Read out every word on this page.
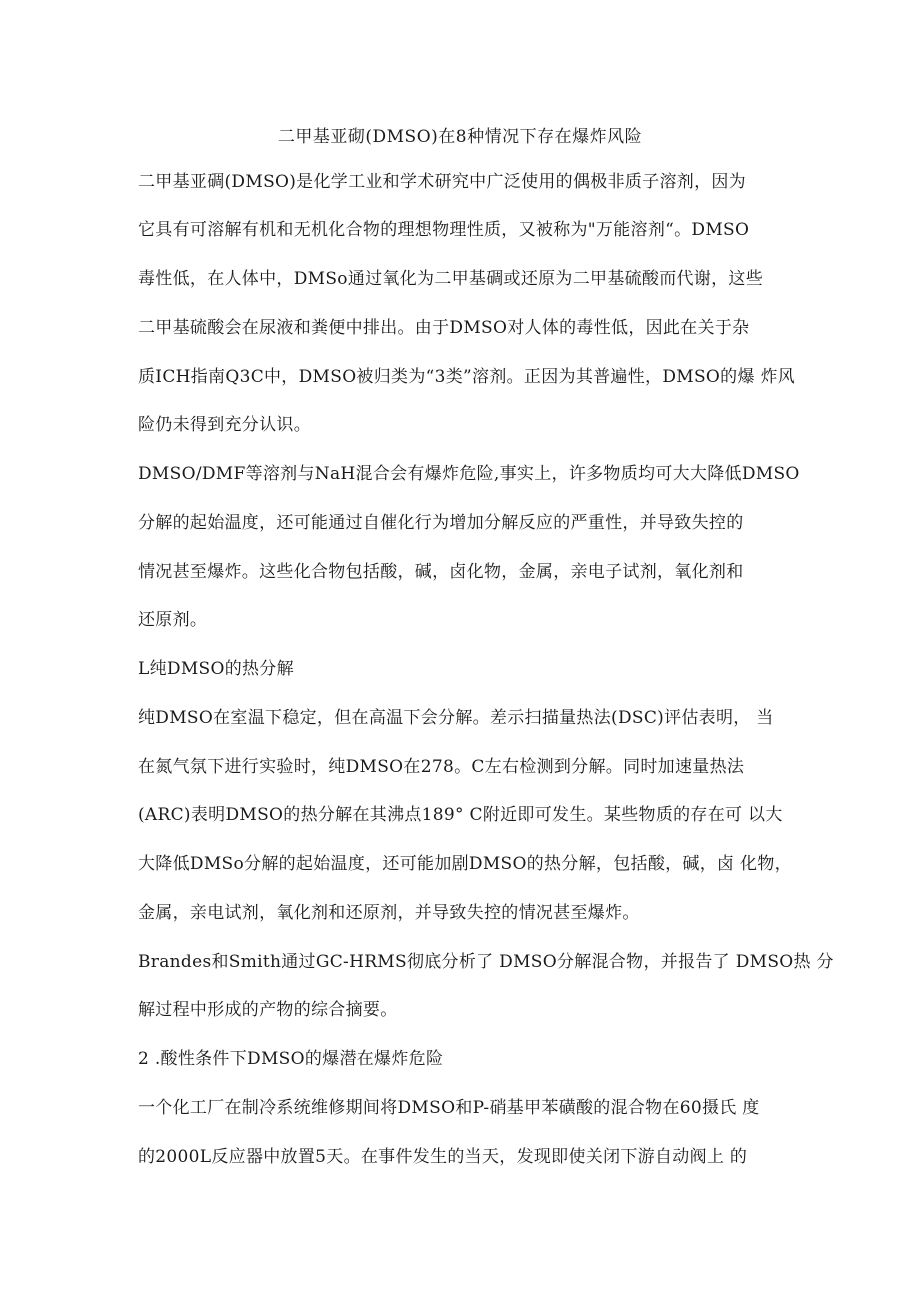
二甲基亚砌(DMSO)在8种情况下存在爆炸风险
二甲基亚碉(DMSO)是化学工业和学术研究中广泛使用的偶极非质子溶剂，因为
它具有可溶解有机和无机化合物的理想物理性质，又被称为"万能溶剂“。DMSO
毒性低，在人体中，DMSo通过氧化为二甲基碉或还原为二甲基硫酸而代谢，这些
二甲基硫酸会在尿液和粪便中排出。由于DMSO对人体的毒性低，因此在关于杂
质ICH指南Q3C中，DMSO被归类为“3类”溶剂。正因为其普遍性，DMSO的爆 炸风
险仍未得到充分认识。
DMSO/DMF等溶剂与NaH混合会有爆炸危险,事实上，许多物质均可大大降低DMSO
分解的起始温度，还可能通过自催化行为增加分解反应的严重性，并导致失控的
情况甚至爆炸。这些化合物包括酸，碱，卤化物，金属，亲电子试剂，氧化剂和
还原剂。
L纯DMSO的热分解
纯DMSO在室温下稳定，但在高温下会分解。差示扫描量热法(DSC)评估表明， 当
在氮气氛下进行实验时，纯DMSO在278。C左右检测到分解。同时加速量热法
(ARC)表明DMSO的热分解在其沸点189° C附近即可发生。某些物质的存在可 以大
大降低DMSo分解的起始温度，还可能加剧DMSO的热分解，包括酸，碱，卤 化物，
金属，亲电试剂，氧化剂和还原剂，并导致失控的情况甚至爆炸。
Brandes和Smith通过GC-HRMS彻底分析了 DMSO分解混合物，并报告了 DMSO热 分
解过程中形成的产物的综合摘要。
2 .酸性条件下DMSO的爆潜在爆炸危险
一个化工厂在制冷系统维修期间将DMSO和P-硝基甲苯磺酸的混合物在60摄氏 度
的2000L反应器中放置5天。在事件发生的当天，发现即使关闭下游自动阀上 的
